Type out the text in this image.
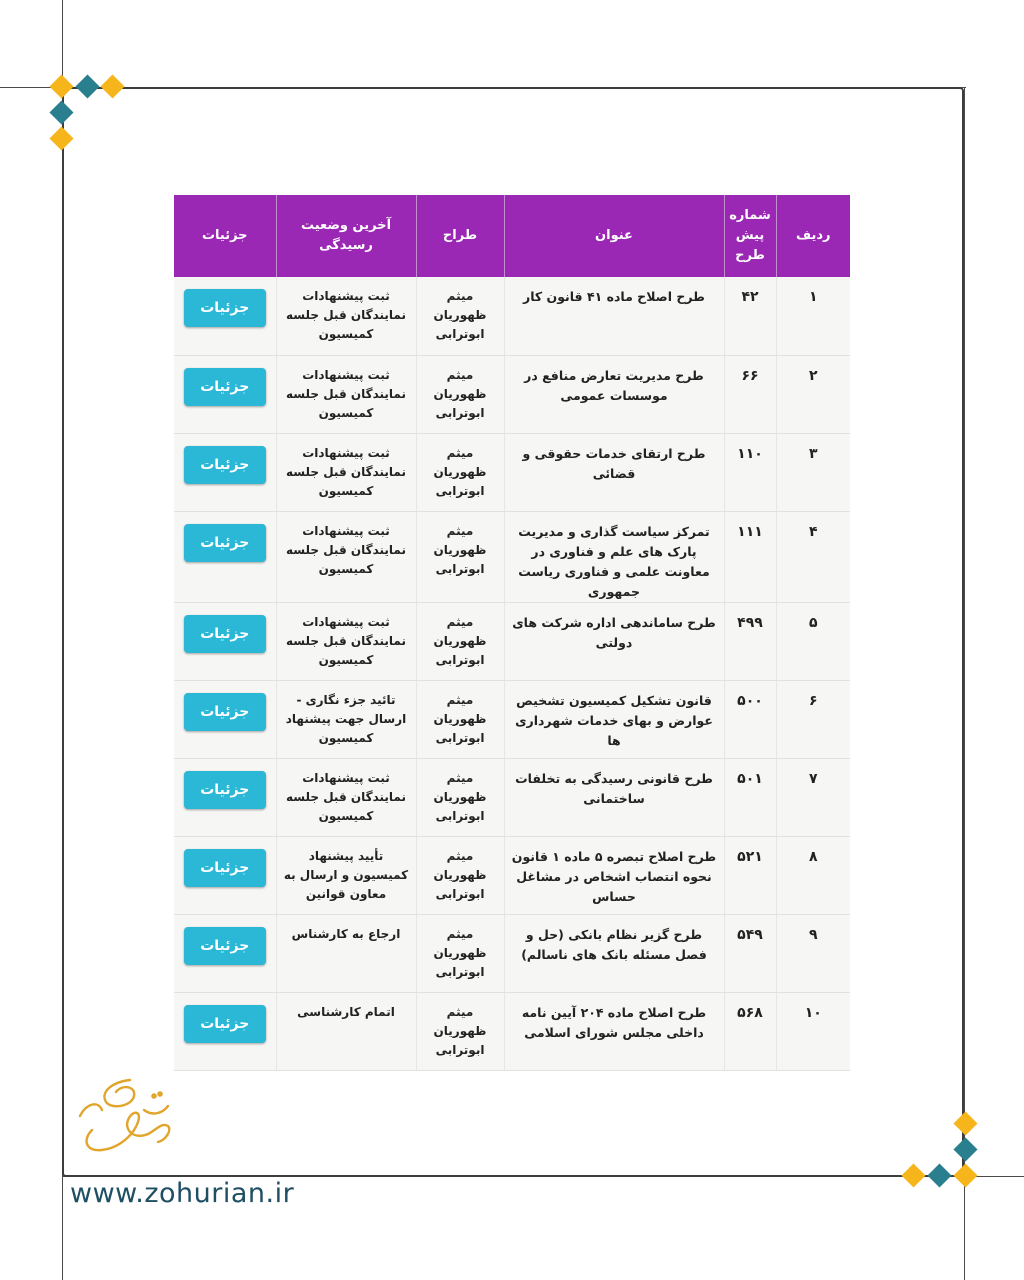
ردیف	شماره پیش طرح	عنوان	طراح	آخرین وضعیت رسیدگی	جزئیات
۱	۴۲	طرح اصلاح ماده ۴۱ قانون کار	میثم ظهوریان ابوترابی	ثبت پیشنهادات نمایندگان قبل جلسه کمیسیون	جزئیات
۲	۶۶	طرح مدیریت تعارض منافع در موسسات عمومی	میثم ظهوریان ابوترابی	ثبت پیشنهادات نمایندگان قبل جلسه کمیسیون	جزئیات
۳	۱۱۰	طرح ارتقای خدمات حقوقی و قضائی	میثم ظهوریان ابوترابی	ثبت پیشنهادات نمایندگان قبل جلسه کمیسیون	جزئیات
۴	۱۱۱	تمرکز سیاست گذاری و مدیریت پارک های علم و فناوری در معاونت علمی و فناوری ریاست جمهوری	میثم ظهوریان ابوترابی	ثبت پیشنهادات نمایندگان قبل جلسه کمیسیون	جزئیات
۵	۴۹۹	طرح ساماندهی اداره شرکت های دولتی	میثم ظهوریان ابوترابی	ثبت پیشنهادات نمایندگان قبل جلسه کمیسیون	جزئیات
۶	۵۰۰	قانون تشکیل کمیسیون تشخیص عوارض و بهای خدمات شهرداری ها	میثم ظهوریان ابوترابی	تائید جزء نگاری - ارسال جهت پیشنهاد کمیسیون	جزئیات
۷	۵۰۱	طرح قانونی رسیدگی به تخلفات ساختمانی	میثم ظهوریان ابوترابی	ثبت پیشنهادات نمایندگان قبل جلسه کمیسیون	جزئیات
۸	۵۲۱	طرح اصلاح تبصره ۵ ماده ۱ قانون نحوه انتصاب اشخاص در مشاغل حساس	میثم ظهوریان ابوترابی	تأیید پیشنهاد کمیسیون و ارسال به معاون قوانین	جزئیات
۹	۵۴۹	طرح گزیر نظام بانکی (حل و فصل مسئله بانک های ناسالم)	میثم ظهوریان ابوترابی	ارجاع به کارشناس	جزئیات
۱۰	۵۶۸	طرح اصلاح ماده ۲۰۴ آیین نامه داخلی مجلس شورای اسلامی	میثم ظهوریان ابوترابی	اتمام کارشناسی	جزئیات
www.zohurian.ir
